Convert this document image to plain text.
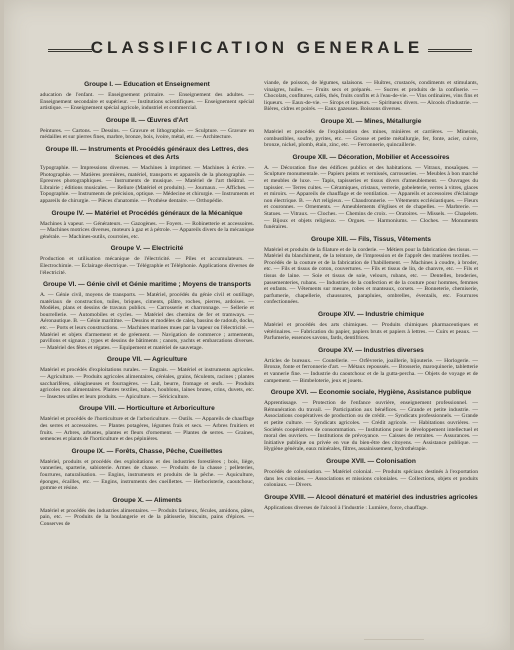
CLASSIFICATION GENERALE
Groupe I. — Education et Enseignement
aducation de l'enfant. — Enseignement primaire. — Enseignement des adultes. — Enseignement secondaire et supérieur. — Institutions scientifiques. — Enseignement spécial artistique. — Enseignement spécial agricole, industriel et commercial.
Groupe II. — Œuvres d'Art
Peintures. — Cartons. — Dessins. — Gravure et lithographie. — Sculpture. — Gravure en médailles et sur pierres fines, marbre, bronze, bois, ivoire, métal, etc. — Architecture.
Groupe III. — Instruments et Procédés généraux des Lettres, des Sciences et des Arts
Typographie. — Impressions diverses. — Machines à imprimer. — Machines à écrire. — Photographie. — Matières premières, matériel, transports et appareils de la photographie. — Epreuves photographiques. — Instruments de musique. — Matériel de l'art théâtral. — Librairie ; éditions musicales. — Reliure (Matériel et produits). — Journaux. — Affiches. — Topographie. — Instruments de précision, optique. — Médecine et chirurgie. — Instruments et appareils de chirurgie. — Pièces d'anatomie. — Prothèse dentaire. — Orthopédie.
Groupe IV. — Matériel et Procédés généraux de la Mécanique
Machines à vapeur. — Générateurs. — Gazogènes. — Foyers. — Robinetterie et accessoires. — Machines motrices diverses, moteurs à gaz et à pétrole. — Appareils divers de la mécanique générale. — Machines-outils, courroies, etc.
Groupe V. — Electricité
Production et utilisation mécanique de l'électricité. — Piles et accumulateurs. — Electrochimie. — Eclairage électrique. — Télégraphie et Téléphonie. Applications diverses de l'électricité.
Groupe VI. — Génie civil et Génie maritime ; Moyens de transports
A. — Génie civil, moyens de transports. — Matériel, procédés du génie civil et outillage, matériaux de construction, tuiles, briques, ciments, plâtre, roches, pierres, ardoises. — Modèles, plans et dessins de travaux publics. — Carrosserie et charronnage. — Sellerie et bourrellerie. — Automobiles et cycles. — Matériel des chemins de fer et tramways. — Aéronautique. B. — Génie maritime. — Dessins et modèles de cales, bassins de radoub, docks, etc. — Ports et leurs constructions. — Machines marines mues par la vapeur ou l'électricité. — Matériel et objets d'armement et de gréement. — Navigation de commerce ; armements, pavillons et signaux ; types et dessins de bâtiments ; canots, yachts et embarcations diverses. — Matériel des fêtes et régates. — Equipement et matériel de sauvetage.
Groupe VII. — Agriculture
Matériel et procédés d'exploitations rurales. — Engrais. — Matériel et instruments agricoles. — Agriculture. — Produits agricoles alimentaires, céréales, grains, féculents, racines ; plantes saccharifères, oléagineuses et fourragères. — Lait, beurre, fromage et œufs. — Produits agricoles non alimentaires. Plantes textiles, tabacs, houblons, laines brutes, crins, duvets, etc. — Insectes utiles et leurs produits. — Apiculture. — Sériciculture.
Groupe VIII. — Horticulture et Arboriculture
Matériel et procédés de l'horticulture et de l'arboriculture. — Outils. — Appareils de chauffage des serres et accessoires. — Plantes potagères, légumes frais et secs. — Arbres fruitiers et fruits. — Arbres, arbustes, plantes et fleurs d'ornement. — Plantes de serres. — Graines, semences et plants de l'horticulture et des pépinières.
Groupe IX. — Forêts, Chasse, Pêche, Cueillettes
Matériel, produits et procédés des exploitations et des industries forestières ; bois, liège, vanneries, sparterie, sabioterie. Armes de chasse. — Produits de la chasse ; pelleteries, fourrures, naturalisation. — Engins, instruments et produits de la pêche. — Aquiculture, éponges, écailles, etc. — Engins, instruments des cueillettes. — Herboristerie, caoutchouc, gomme et résine.
Groupe X. — Aliments
Matériel et procédés des industries alimentaires. — Produits farineux, fécules, amidons, pâtes, pain, etc. — Produits de la boulangerie et de la pâtisserie, biscuits, pains d'épices. — Conserves de
viande, de poisson, de légumes, salaisons. — Huîtres, crustacés, condiments et stimulants, vinaigres, huiles. — Fruits secs et préparés. — Sucres et produits de la confiserie. — Chocolats, confitures, cafés, thés, fruits confits et à l'eau-de-vie. — Vins ordinaires, vins fins et liqueurs. — Eaux-de-vie. — Sirops et liqueurs. — Spiritueux divers. — Alcools d'industrie. — Bières, cidres et poirés. — Eaux gazeuses. Boissons diverses.
Groupe XI. — Mines, Métallurgie
Matériel et procédés de l'exploitation des mines, minières et carrières. — Minerais, combustibles, soufre, pyrites, etc. — Grosse et petite métallurgie, fer, fonte, acier, cuivre, bronze, nickel, plomb, étain, zinc, etc. — Ferronnerie, quincaillerie.
Groupe XII. — Décoration, Mobilier et Accessoires
A. — Décoration fixe des édifices publics et des habitations. — Vitraux, mosaïques. — Sculpture monumentale. — Papiers peints et vernissés, carrosseries. — Meubles à bon marché et meubles de luxe. — Tapis, tapisseries et tissus divers d'ameublement. — Ouvrages du tapissier. — Terres cuites. — Céramiques, cristaux, verrerie, gobeleterie, verres à vitres, glaces et miroirs. — Appareils de chauffage et de ventilation. — Appareils et accessoires d'éclairage non électrique. B. — Art religieux. — Chaudronnerie. — Vêtements ecclésiastiques. — Fleurs et couronnes. — Ornements. — Ameublements d'églises et de chapelles. — Marbrerie. — Statues. — Vitraux. — Cloches. — Chemins de croix. — Oratoires. — Missels. — Chapelets. — Bijoux et objets religieux. — Orgues. — Harmoniums. — Cloches. — Monuments funéraires.
Groupe XIII. — Fils, Tissus, Vêtements
Matériel et produits de la filature et de la corderie. — Métiers pour la fabrication des tissus. — Matériel du blanchiment, de la teinture, de l'impression et de l'apprêt des matières textiles. — Procédés de la couture et de la fabrication de l'habillement. — Machines à coudre, à broder, etc. — Fils et tissus de coton, couvertures. — Fils et tissus de lin, de chanvre, etc. — Fils et tissus de laine. — Soie et tissus de soie, velours, rubans, etc. — Dentelles, broderies, passementeries, rubans. — Industries de la confection et de la couture pour hommes, femmes et enfants. — Vêtements sur mesure, robes et manteaux, corsets. — Bonneterie, chemiserie, parfumerie, chapellerie, chaussures, parapluies, ombrelles, éventails, etc. Fourrures confectionnées.
Groupe XIV. — Industrie chimique
Matériel et procédés des arts chimiques. — Produits chimiques pharmaceutiques et vétérinaires. — Fabrication du papier, papiers bruts et papiers à lettres. — Cuirs et peaux. — Parfumerie, essences savons, fards, dentifrices.
Groupe XV. — Industries diverses
Articles de bureaux. — Coutellerie. — Orfèvrerie, joaillerie, bijouterie. — Horlogerie. — Bronze, fonte et ferronnerie d'art. — Métaux repoussés. — Brosserie, maroquinerie, tabletterie et vannerie fine. — Industrie du caoutchouc et de la gutta-percha. — Objets de voyage et de campement. — Bimbeloterie, jeux et jouets.
Groupe XVI. — Economie sociale, Hygiène, Assistance publique
Apprentissage. — Protection de l'enfance ouvrière, enseignement professionnel. — Rémunération du travail. — Participation aux bénéfices. — Grande et petite industrie. — Associations coopératives de production ou de crédit. — Syndicats professionnels. — Grande et petite culture. — Syndicats agricoles. — Crédit agricole. — Habitations ouvrières. — Sociétés coopératives de consommation. — Institutions pour le développement intellectuel et moral des ouvriers. — Institutions de prévoyance. — Caisses de retraites. — Assurances. — Initiative publique ou privée en vue du bien-être des citoyens. — Assistance publique. — Hygiène générale, eaux minérales, filtres, assainissement, hydrothérapie.
Groupe XVII. — Colonisation
Procédés de colonisation. — Matériel colonial. — Produits spéciaux destinés à l'exportation dans les colonies. — Associations et missions coloniales. — Collections, objets et produits coloniaux. — Divers.
Groupe XVIII. — Alcool dénaturé et matériel des industries agricoles
Applications diverses de l'alcool à l'industrie : Lumière, force, chauffage.
